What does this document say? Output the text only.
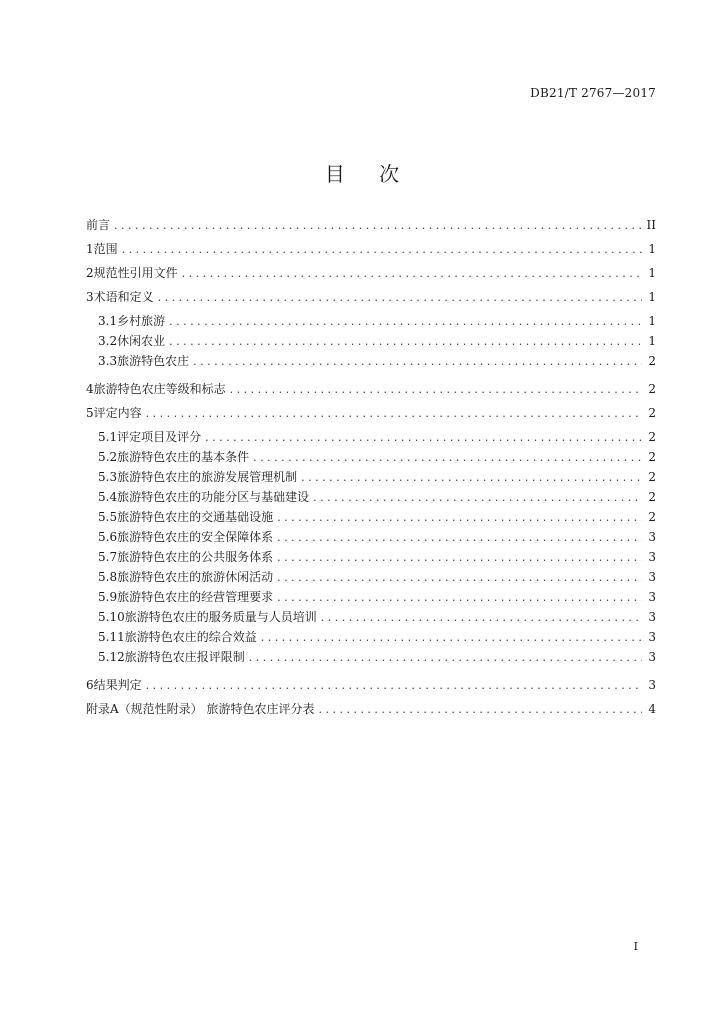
DB21/T 2767—2017
目 次
前言 . . .	II
1 范围 . . .	1
2 规范性引用文件 . . .	1
3 术语和定义 . . .	1
3.1 乡村旅游 . . .	1
3.2 休闲农业 . . .	1
3.3 旅游特色农庄 . . .	2
4 旅游特色农庄等级和标志 . . .	2
5 评定内容 . . .	2
5.1 评定项目及评分 . . .	2
5.2 旅游特色农庄的基本条件 . . .	2
5.3 旅游特色农庄的旅游发展管理机制 . . .	2
5.4 旅游特色农庄的功能分区与基础建设 . . .	2
5.5 旅游特色农庄的交通基础设施 . . .	2
5.6 旅游特色农庄的安全保障体系 . . .	3
5.7 旅游特色农庄的公共服务体系 . . .	3
5.8 旅游特色农庄的旅游休闲活动 . . .	3
5.9 旅游特色农庄的经营管理要求 . . .	3
5.10 旅游特色农庄的服务质量与人员培训 . . .	3
5.11 旅游特色农庄的综合效益 . . .	3
5.12 旅游特色农庄报评限制 . . .	3
6 结果判定 . . .	3
附录A（规范性附录） 旅游特色农庄评分表 . . .	4
I
